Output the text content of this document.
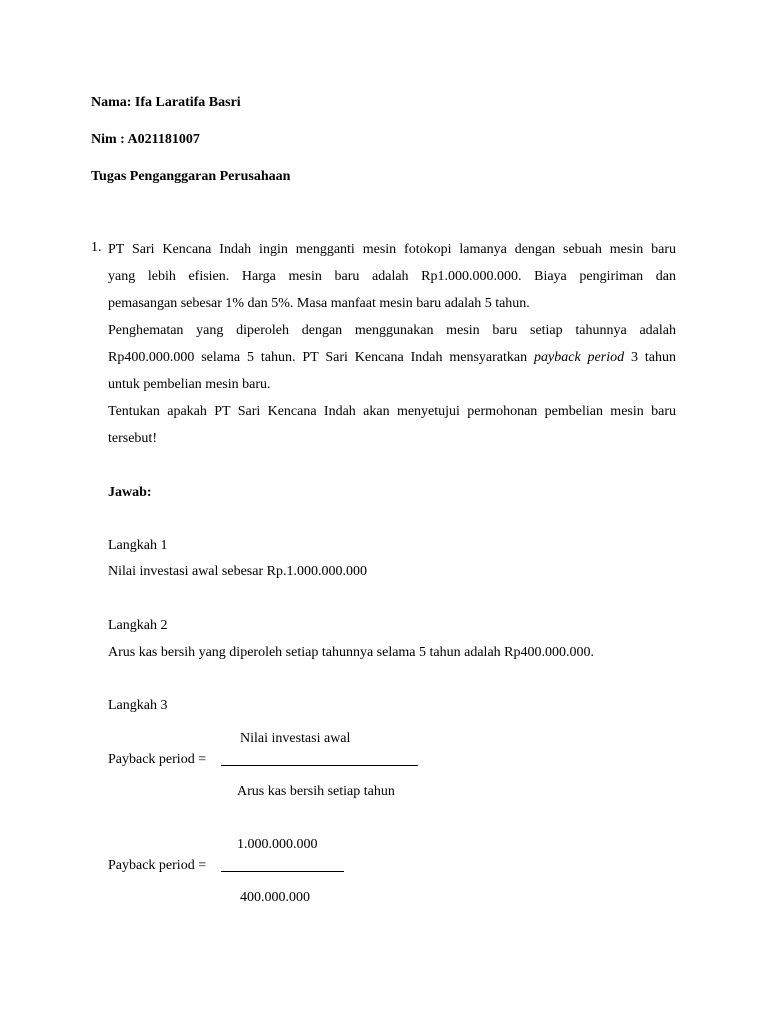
Nama: Ifa Laratifa Basri
Nim : A021181007
Tugas Penganggaran Perusahaan
1. PT Sari Kencana Indah ingin mengganti mesin fotokopi lamanya dengan sebuah mesin baru
yang lebih efisien. Harga mesin baru adalah Rp1.000.000.000. Biaya pengiriman dan
pemasangan sebesar 1% dan 5%. Masa manfaat mesin baru adalah 5 tahun.
Penghematan yang diperoleh dengan menggunakan mesin baru setiap tahunnya adalah
Rp400.000.000 selama 5 tahun. PT Sari Kencana Indah mensyaratkan payback period 3 tahun
untuk pembelian mesin baru.
Tentukan apakah PT Sari Kencana Indah akan menyetujui permohonan pembelian mesin baru
tersebut!
Jawab:
Langkah 1
Nilai investasi awal sebesar Rp.1.000.000.000
Langkah 2
Arus kas bersih yang diperoleh setiap tahunnya selama 5 tahun adalah Rp400.000.000.
Langkah 3
Nilai investasi awal
Payback period =
Arus kas bersih setiap tahun
1.000.000.000
Payback period =
400.000.000
